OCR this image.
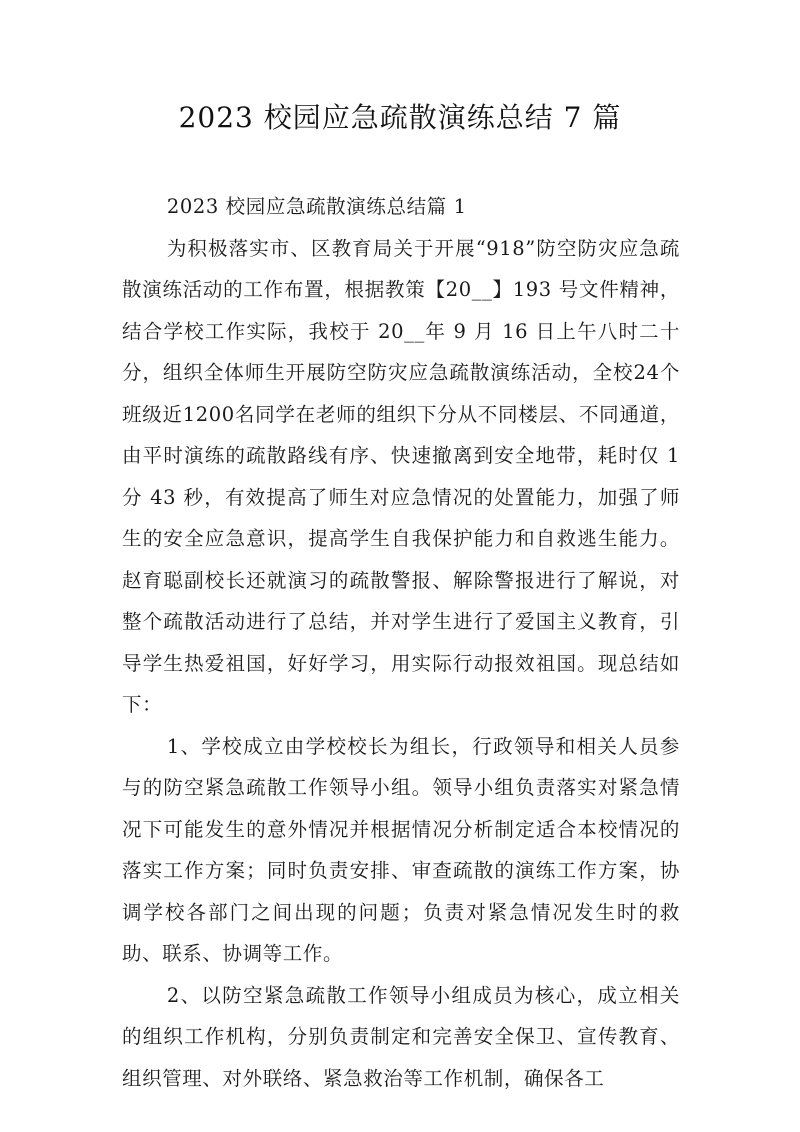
2023 校园应急疏散演练总结 7 篇

2023 校园应急疏散演练总结篇 1

为积极落实市、区教育局关于开展“918”防空防灾应急疏散演练活动的工作布置，根据教策【20__】193 号文件精神，结合学校工作实际，我校于 20__年 9 月 16 日上午八时二十分，组织全体师生开展防空防灾应急疏散演练活动，全校24个班级近1200名同学在老师的组织下分从不同楼层、不同通道，由平时演练的疏散路线有序、快速撤离到安全地带，耗时仅 1 分 43 秒，有效提高了师生对应急情况的处置能力，加强了师生的安全应急意识，提高学生自我保护能力和自救逃生能力。赵育聪副校长还就演习的疏散警报、解除警报进行了解说，对整个疏散活动进行了总结，并对学生进行了爱国主义教育，引导学生热爱祖国，好好学习，用实际行动报效祖国。现总结如下：

1、学校成立由学校校长为组长，行政领导和相关人员参与的防空紧急疏散工作领导小组。领导小组负责落实对紧急情况下可能发生的意外情况并根据情况分析制定适合本校情况的落实工作方案；同时负责安排、审查疏散的演练工作方案，协调学校各部门之间出现的问题；负责对紧急情况发生时的救助、联系、协调等工作。

2、以防空紧急疏散工作领导小组成员为核心，成立相关的组织工作机构，分别负责制定和完善安全保卫、宣传教育、组织管理、对外联络、紧急救治等工作机制，确保各工
